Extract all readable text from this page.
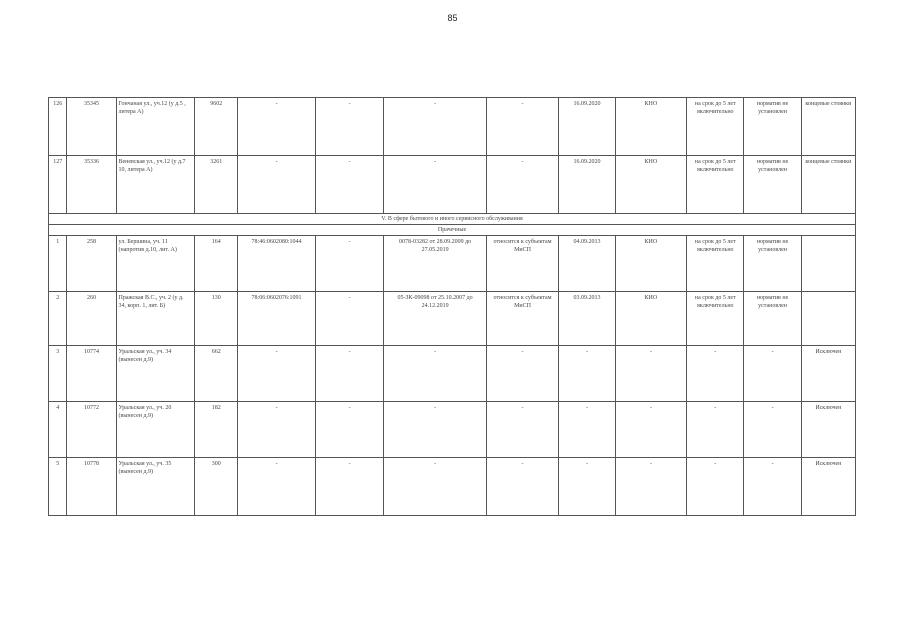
85
126	35345	Гончаная ул., уч.12 (у д.5 , литера А)	9602	-	-	-	-	16.09.2020	КНО	на срок до 5 лет включительно	норматив не установлен	концевые стоянки
127	35336	Веневская ул., уч.12 (у д.7 10, литера А)	3261	-	-	-	-	16.09.2020	КНО	на срок до 5 лет включительно	норматив не установлен	концевые стоянки
V. В сфере бытового и иного сервисного обслуживания												
Прачечные												
1	258	ул. Бершина, уч. 11 (напротив д.10, лит. А)	164	78:46:0602080:1044	-	0078-03282 от 28.09.2009 до 27.05.2019	относится к субъектам МиСП	04.09.2013	КИО	на срок до 5 лет включительно	норматив не установлен	
2	260	Пражская В.С., уч. 2 (у д. 34, корп. 1, лит. Б)	130	78:06:0602076:1091	-	05-ЗК-09098 от 25.10.2007 до 24.12.2019	относится к субъектам МиСП	03.09.2013	КИО	на срок до 5 лет включительно	норматив не установлен	
3	10774	Уральская ул., уч. 34 (вынесен д.9)	662	-	-	-	-	-	-	-	-	Исключен
4	10772	Уральская ул., уч. 20 (вынесен д.9)	182	-	-	-	-	-	-	-	-	Исключен
5	10778	Уральская ул., уч. 35 (вынесен д.9)	300	-	-	-	-	-	-	-	-	Исключен
